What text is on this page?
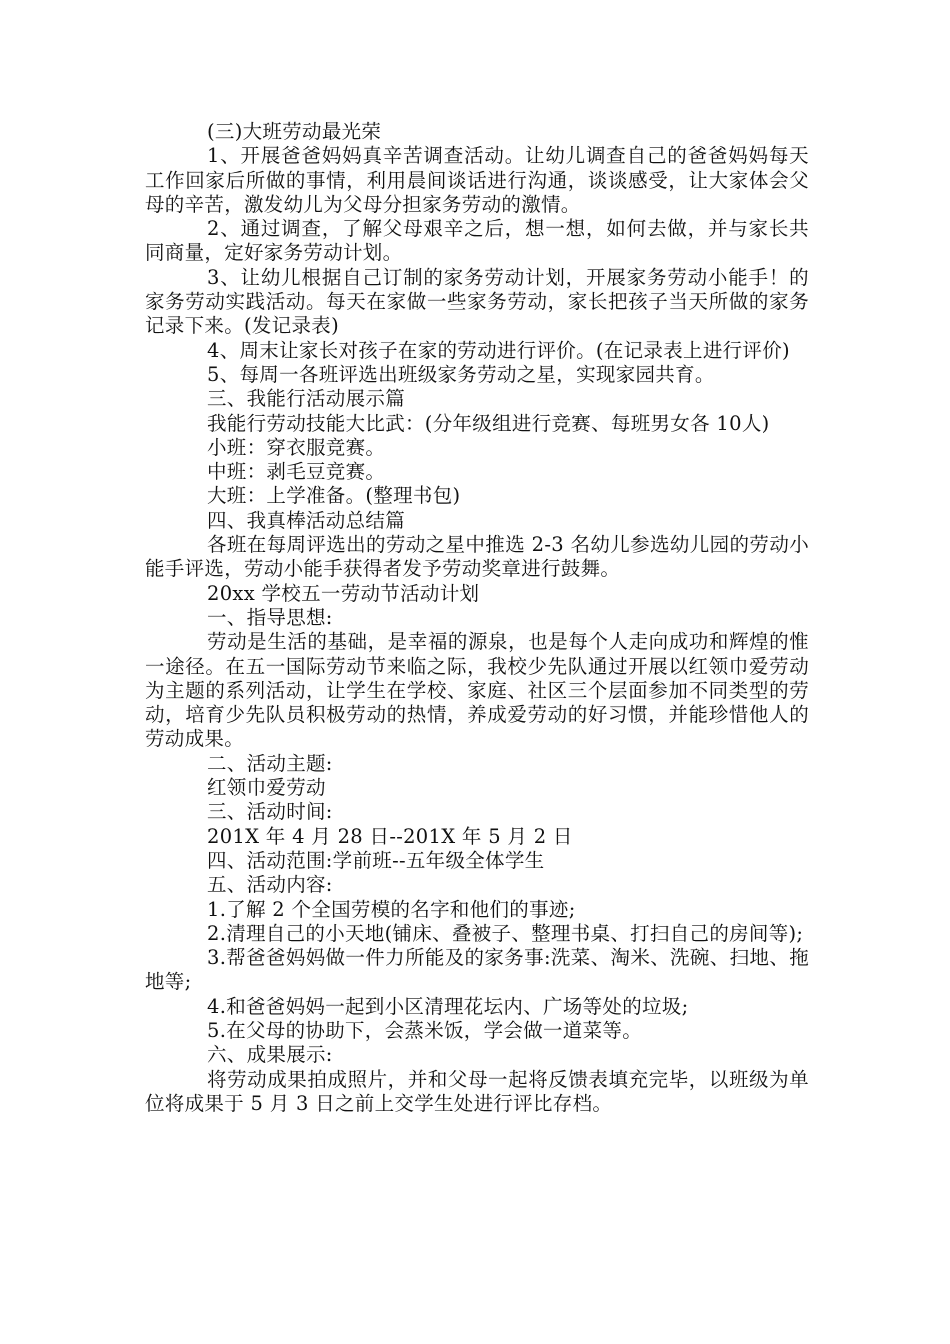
(三)大班劳动最光荣

1、开展爸爸妈妈真辛苦调查活动。让幼儿调查自己的爸爸妈妈每天工作回家后所做的事情，利用晨间谈话进行沟通，谈谈感受，让大家体会父母的辛苦，激发幼儿为父母分担家务劳动的激情。

2、通过调查，了解父母艰辛之后，想一想，如何去做，并与家长共同商量，定好家务劳动计划。

3、让幼儿根据自己订制的家务劳动计划，开展家务劳动小能手！的家务劳动实践活动。每天在家做一些家务劳动，家长把孩子当天所做的家务记录下来。(发记录表)

4、周末让家长对孩子在家的劳动进行评价。(在记录表上进行评价)

5、每周一各班评选出班级家务劳动之星，实现家园共育。

三、我能行活动展示篇

我能行劳动技能大比武：(分年级组进行竞赛、每班男女各 10人)

小班：穿衣服竞赛。

中班：剥毛豆竞赛。

大班：上学准备。(整理书包)

四、我真棒活动总结篇

各班在每周评选出的劳动之星中推选 2-3 名幼儿参选幼儿园的劳动小能手评选，劳动小能手获得者发予劳动奖章进行鼓舞。

20xx 学校五一劳动节活动计划

一、指导思想:

劳动是生活的基础，是幸福的源泉，也是每个人走向成功和辉煌的惟一途径。在五一国际劳动节来临之际，我校少先队通过开展以红领巾爱劳动为主题的系列活动，让学生在学校、家庭、社区三个层面参加不同类型的劳动，培育少先队员积极劳动的热情，养成爱劳动的好习惯，并能珍惜他人的劳动成果。

二、活动主题:

红领巾爱劳动

三、活动时间:

201X 年 4 月 28 日--201X 年 5 月 2 日

四、活动范围:学前班--五年级全体学生

五、活动内容:

1.了解 2 个全国劳模的名字和他们的事迹;

2.清理自己的小天地(铺床、叠被子、整理书桌、打扫自己的房间等);

3.帮爸爸妈妈做一件力所能及的家务事:洗菜、淘米、洗碗、扫地、拖地等;

4.和爸爸妈妈一起到小区清理花坛内、广场等处的垃圾;

5.在父母的协助下，会蒸米饭，学会做一道菜等。

六、成果展示:

将劳动成果拍成照片，并和父母一起将反馈表填充完毕，以班级为单位将成果于 5 月 3 日之前上交学生处进行评比存档。
